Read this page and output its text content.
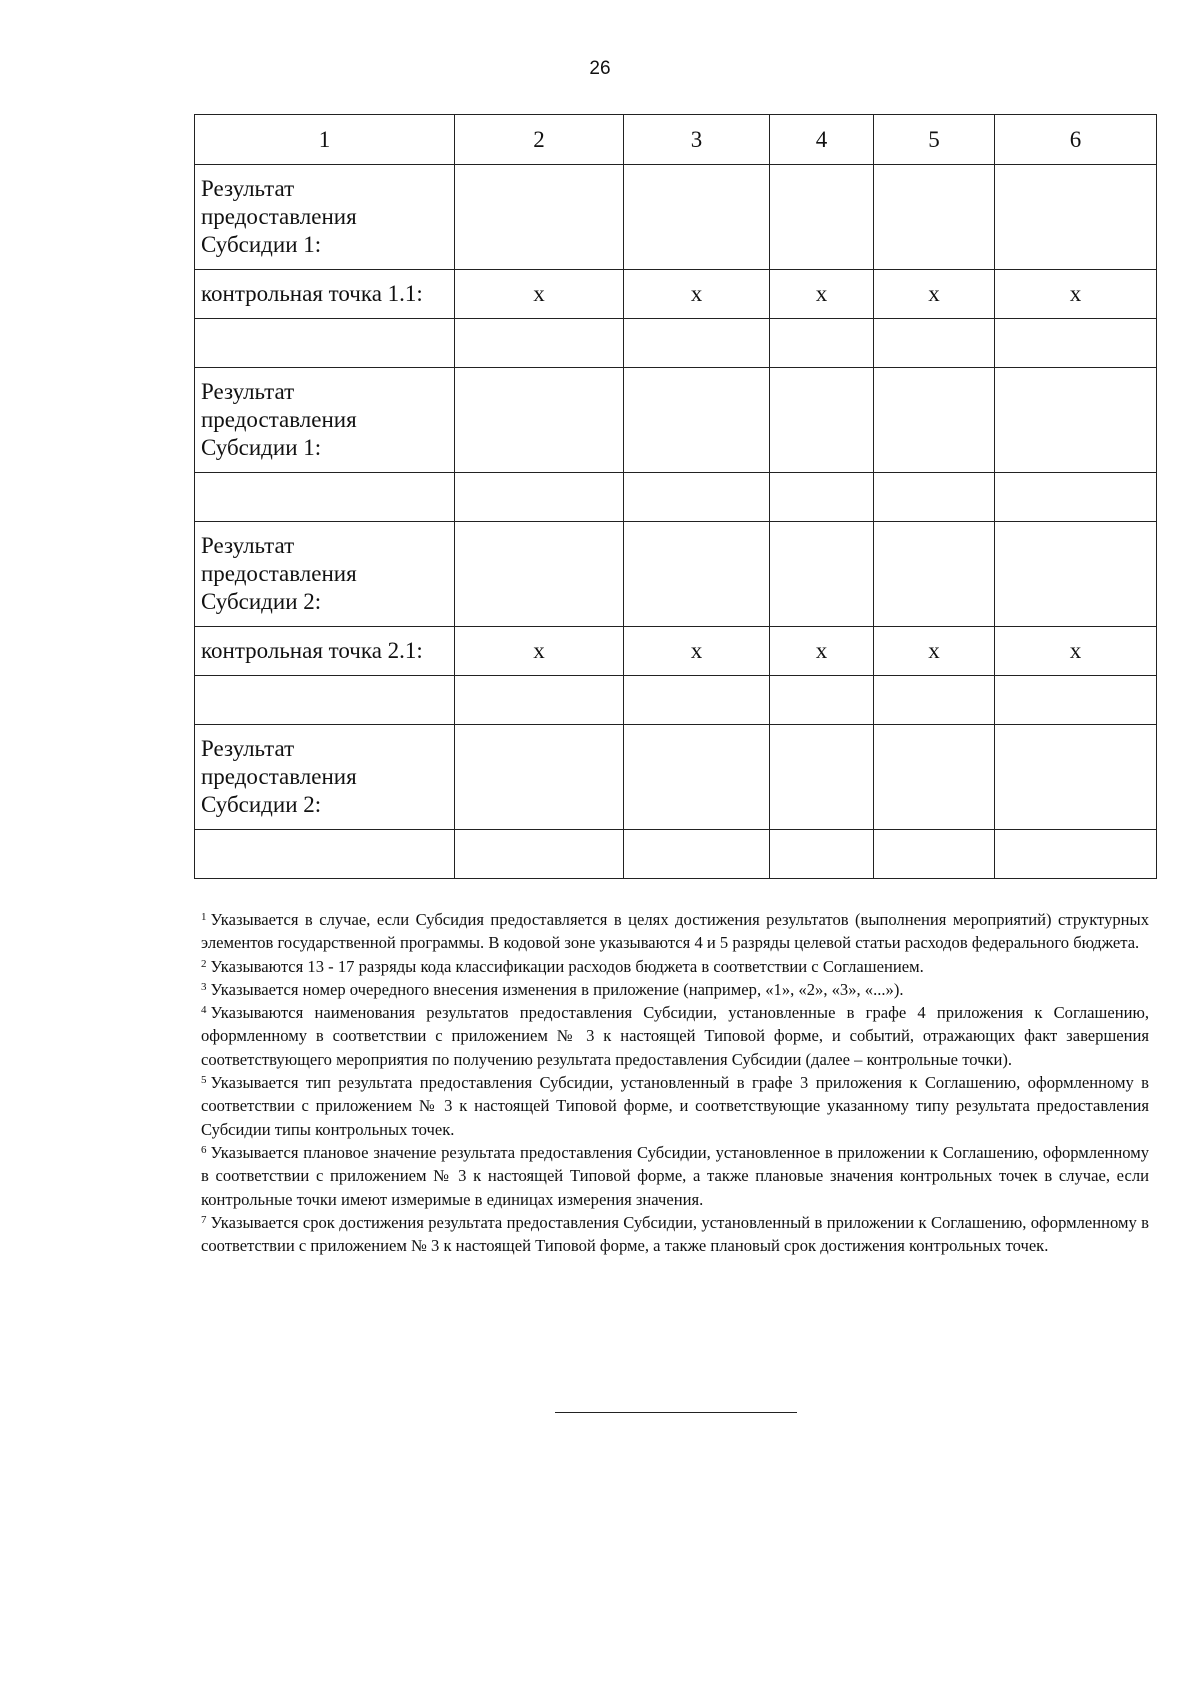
26
1	2	3	4	5	6

Результат
предоставления
Субсидии 1:					

контрольная точка 1.1:	x	x	x	x	x

Результат
предоставления
Субсидии 1:					

Результат
предоставления
Субсидии 2:					

контрольная точка 2.1:	x	x	x	x	x

Результат
предоставления
Субсидии 2:					

$^1$ Указывается в случае, если Субсидия предоставляется в целях достижения результатов (выполнения мероприятий) структурных элементов государственной программы. В кодовой зоне указываются 4 и 5 разряды целевой статьи расходов федерального бюджета.

$^2$ Указываются 13 - 17 разряды кода классификации расходов бюджета в соответствии с Соглашением.

$^3$ Указывается номер очередного внесения изменения в приложение (например, «1», «2», «3», «...»).

$^4$ Указываются наименования результатов предоставления Субсидии, установленные в графе 4 приложения к Соглашению, оформленному в соответствии с приложением № 3 к настоящей Типовой форме, и событий, отражающих факт завершения соответствующего мероприятия по получению результата предоставления Субсидии (далее – контрольные точки).

$^5$ Указывается тип результата предоставления Субсидии, установленный в графе 3 приложения к Соглашению, оформленному в соответствии с приложением № 3 к настоящей Типовой форме, и соответствующие указанному типу результата предоставления Субсидии типы контрольных точек.

$^6$ Указывается плановое значение результата предоставления Субсидии, установленное в приложении к Соглашению, оформленному в соответствии с приложением № 3 к настоящей Типовой форме, а также плановые значения контрольных точек в случае, если контрольные точки имеют измеримые в единицах измерения значения.

$^7$ Указывается срок достижения результата предоставления Субсидии, установленный в приложении к Соглашению, оформленному в соответствии с приложением № 3 к настоящей Типовой форме, а также плановый срок достижения контрольных точек.
